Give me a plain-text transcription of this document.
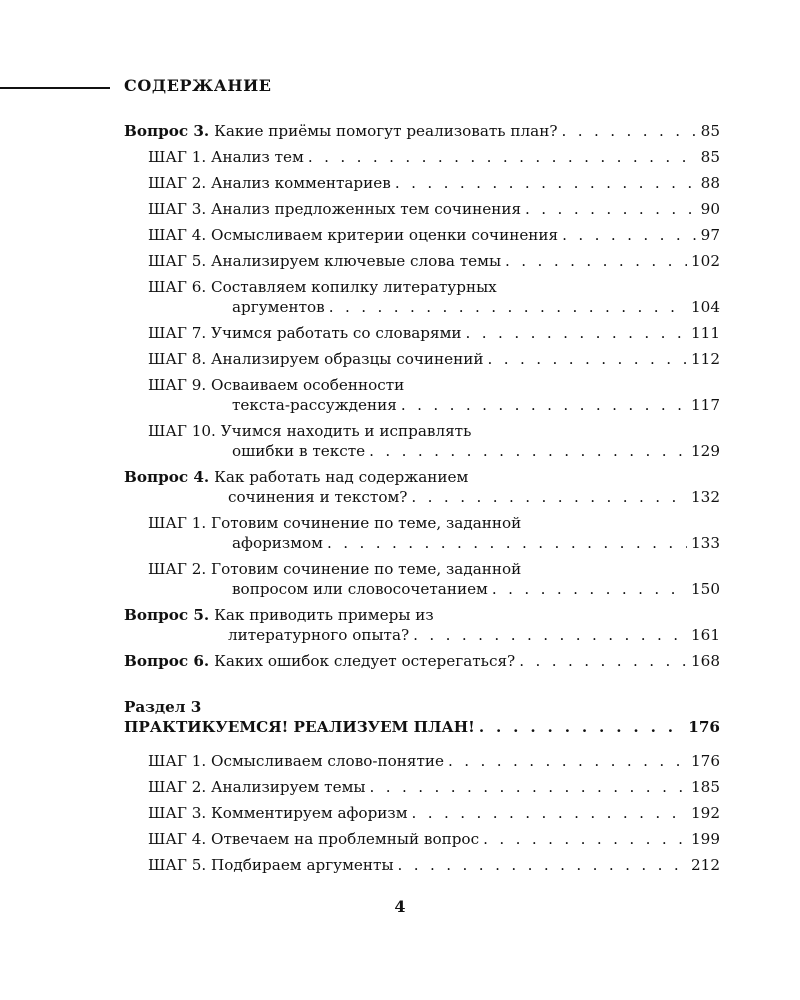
СОДЕРЖАНИЕ
Вопрос 3.
Какие приёмы помогут реализовать план? . . .	85
ШАГ 1. Анализ тем . . .	85
ШАГ 2. Анализ комментариев . . .	88
ШАГ 3. Анализ предложенных тем сочинения . . .	90
ШАГ 4. Осмысливаем критерии оценки сочинения . . .	97
ШАГ 5. Анализируем ключевые слова темы . . .	102
ШАГ 6. Составляем копилку литературных
аргументов . . .	104
ШАГ 7. Учимся работать со словарями . . .	111
ШАГ 8. Анализируем образцы сочинений . . .	112
ШАГ 9. Осваиваем особенности
текста-рассуждения . . .	117
ШАГ 10. Учимся находить и исправлять
ошибки в тексте . . .	129
Вопрос 4. Как работать над содержанием
сочинения и текстом? . . .	132
ШАГ 1. Готовим сочинение по теме, заданной
афоризмом . . .	133
ШАГ 2. Готовим сочинение по теме, заданной
вопросом или словосочетанием . . .	150
Вопрос 5. Как приводить примеры из
литературного опыта? . . .	161
Вопрос 6.
Каких ошибок следует остерегаться? . . .	168
Раздел 3
ПРАКТИКУЕМСЯ! РЕАЛИЗУЕМ ПЛАН! . . .	176
ШАГ 1. Осмысливаем слово-понятие . . .	176
ШАГ 2. Анализируем темы . . .	185
ШАГ 3. Комментируем афоризм . . .	192
ШАГ 4. Отвечаем на проблемный вопрос . . .	199
ШАГ 5. Подбираем аргументы . . .	212
4
